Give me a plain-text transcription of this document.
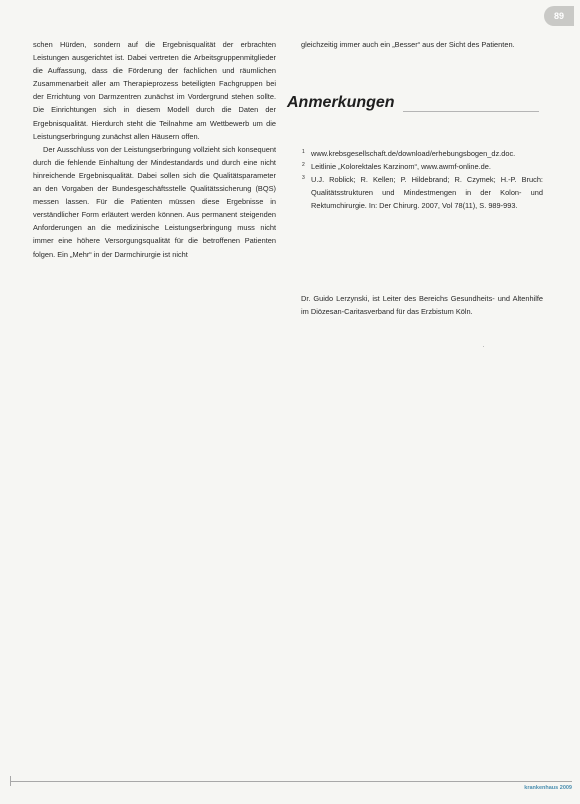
89

schen Hürden, sondern auf die Ergebnisqualität der erbrachten Leistungen ausgerichtet ist. Dabei vertreten die Arbeitsgruppenmitglieder die Auffassung, dass die Förderung der fachlichen und räumlichen Zusammenarbeit aller am Therapieprozess beteiligten Fachgruppen bei der Errichtung von Darmzentren zunächst im Vordergrund stehen sollte. Die Einrichtungen sich in diesem Modell durch die Daten der Ergebnisqualität. Hierdurch steht die Teilnahme am Wettbewerb um die Leistungserbringung zunächst allen Häusern offen.

Der Ausschluss von der Leistungserbringung vollzieht sich konsequent durch die fehlende Einhaltung der Mindestandards und durch eine nicht hinreichende Ergebnisqualität. Dabei sollen sich die Qualitätsparameter an den Vorgaben der Bundesgeschäftsstelle Qualitätssicherung (BQS) messen lassen. Für die Patienten müssen diese Ergebnisse in verständlicher Form erläutert werden können. Aus permanent steigenden Anforderungen an die medizinische Leistungserbringung muss nicht immer eine höhere Versorgungsqualität für die betroffenen Patienten folgen. Ein „Mehr“ in der Darmchirurgie ist nicht

gleichzeitig immer auch ein „Besser“ aus der Sicht des Patienten.

Anmerkungen
1 www.krebsgesellschaft.de/download/erhebungsbogen_dz.doc.
2 Leitlinie „Kolorektales Karzinom“, www.awmf-online.de.
3 U.J. Roblick; R. Kellen; P. Hildebrand; R. Czymek; H.-P. Bruch: Qualitätsstrukturen und Mindestmengen in der Kolon- und Rektumchirurgie. In: Der Chirurg. 2007, Vol 78(11), S. 989-993.
Dr. Guido Lerzynski, ist Leiter des Bereichs Gesundheits- und Altenhilfe im Diözesan-Caritasverband für das Erzbistum Köln.
krankenhaus 2009
